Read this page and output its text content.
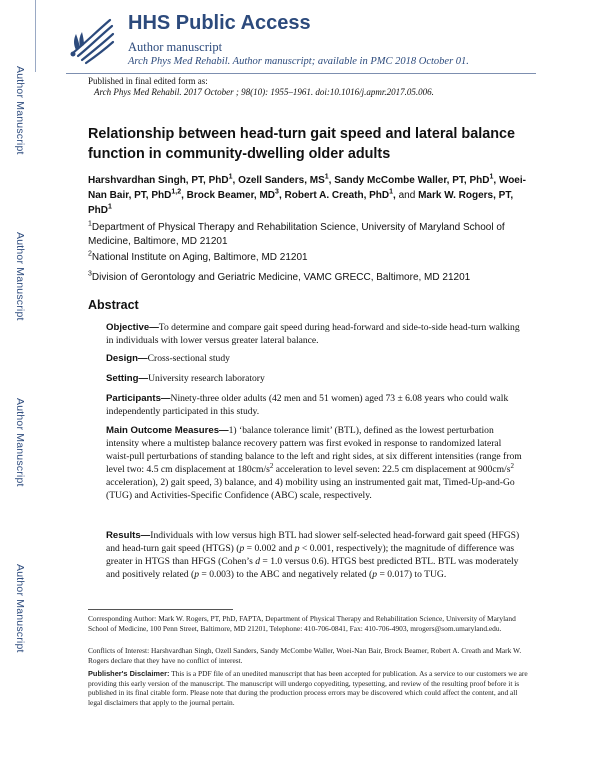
Author Manuscript
Author Manuscript
Author Manuscript
Author Manuscript
HHS Public Access
Author manuscript
Arch Phys Med Rehabil. Author manuscript; available in PMC 2018 October 01.
Published in final edited form as:
Arch Phys Med Rehabil. 2017 October ; 98(10): 1955–1961. doi:10.1016/j.apmr.2017.05.006.
Relationship between head-turn gait speed and lateral balance function in community-dwelling older adults
Harshvardhan Singh, PT, PhD$^1$, Ozell Sanders, $MS^1$, Sandy McCombe Waller, PT, PhD$^1$, Woei-Nan Bair, PT, PhD$^{1,2}$, Brock Beamer, $MD^3$, Robert A. Creath, PhD$^1$, and Mark W. Rogers, PT, PhD$^1$
$^1$Department of Physical Therapy and Rehabilitation Science, University of Maryland School of Medicine, Baltimore, MD 21201
$^2$National Institute on Aging, Baltimore, MD 21201
$^3$Division of Gerontology and Geriatric Medicine, VAMC GRECC, Baltimore, MD 21201
Abstract
Objective—To determine and compare gait speed during head-forward and side-to-side head-turn walking in individuals with lower versus greater lateral balance.
Design—Cross-sectional study
Setting—University research laboratory
Participants—Ninety-three older adults (42 men and 51 women) aged 73 ± 6.08 years who could walk independently participated in this study.
Main Outcome Measures—1) ‘balance tolerance limit’ (BTL), defined as the lowest perturbation intensity where a multistep balance recovery pattern was first evoked in response to randomized lateral waist-pull perturbations of standing balance to the left and right sides, at six different intensities (range from level two: 4.5 cm displacement at $180cm/s^2$ acceleration to level seven: 22.5 cm displacement at $900cm/s^2$ acceleration), 2) gait speed, 3) balance, and 4) mobility using an instrumented gait mat, Timed-Up-and-Go (TUG) and Activities-Specific Confidence (ABC) scale, respectively.
Results—Individuals with low versus high BTL had slower self-selected head-forward gait speed (HFGS) and head-turn gait speed (HTGS) (p = 0.002 and p < 0.001, respectively); the magnitude of difference was greater in HTGS than HFGS (Cohen’s d = 1.0 versus 0.6). HTGS best predicted BTL. BTL was moderately and positively related (p = 0.003) to the ABC and negatively related (p = 0.017) to TUG.
Corresponding Author: Mark W. Rogers, PT, PhD, FAPTA, Department of Physical Therapy and Rehabilitation Science, University of Maryland School of Medicine, 100 Penn Street, Baltimore, MD 21201, Telephone: 410-706-0841, Fax: 410-706-4903, mrogers@som.umaryland.edu.
Conflicts of Interest: Harshvardhan Singh, Ozell Sanders, Sandy McCombe Waller, Woei-Nan Bair, Brock Beamer, Robert A. Creath and Mark W. Rogers declare that they have no conflict of interest.
Publisher's Disclaimer: This is a PDF file of an unedited manuscript that has been accepted for publication. As a service to our customers we are providing this early version of the manuscript. The manuscript will undergo copyediting, typesetting, and review of the resulting proof before it is published in its final citable form. Please note that during the production process errors may be discovered which could affect the content, and all legal disclaimers that apply to the journal pertain.
